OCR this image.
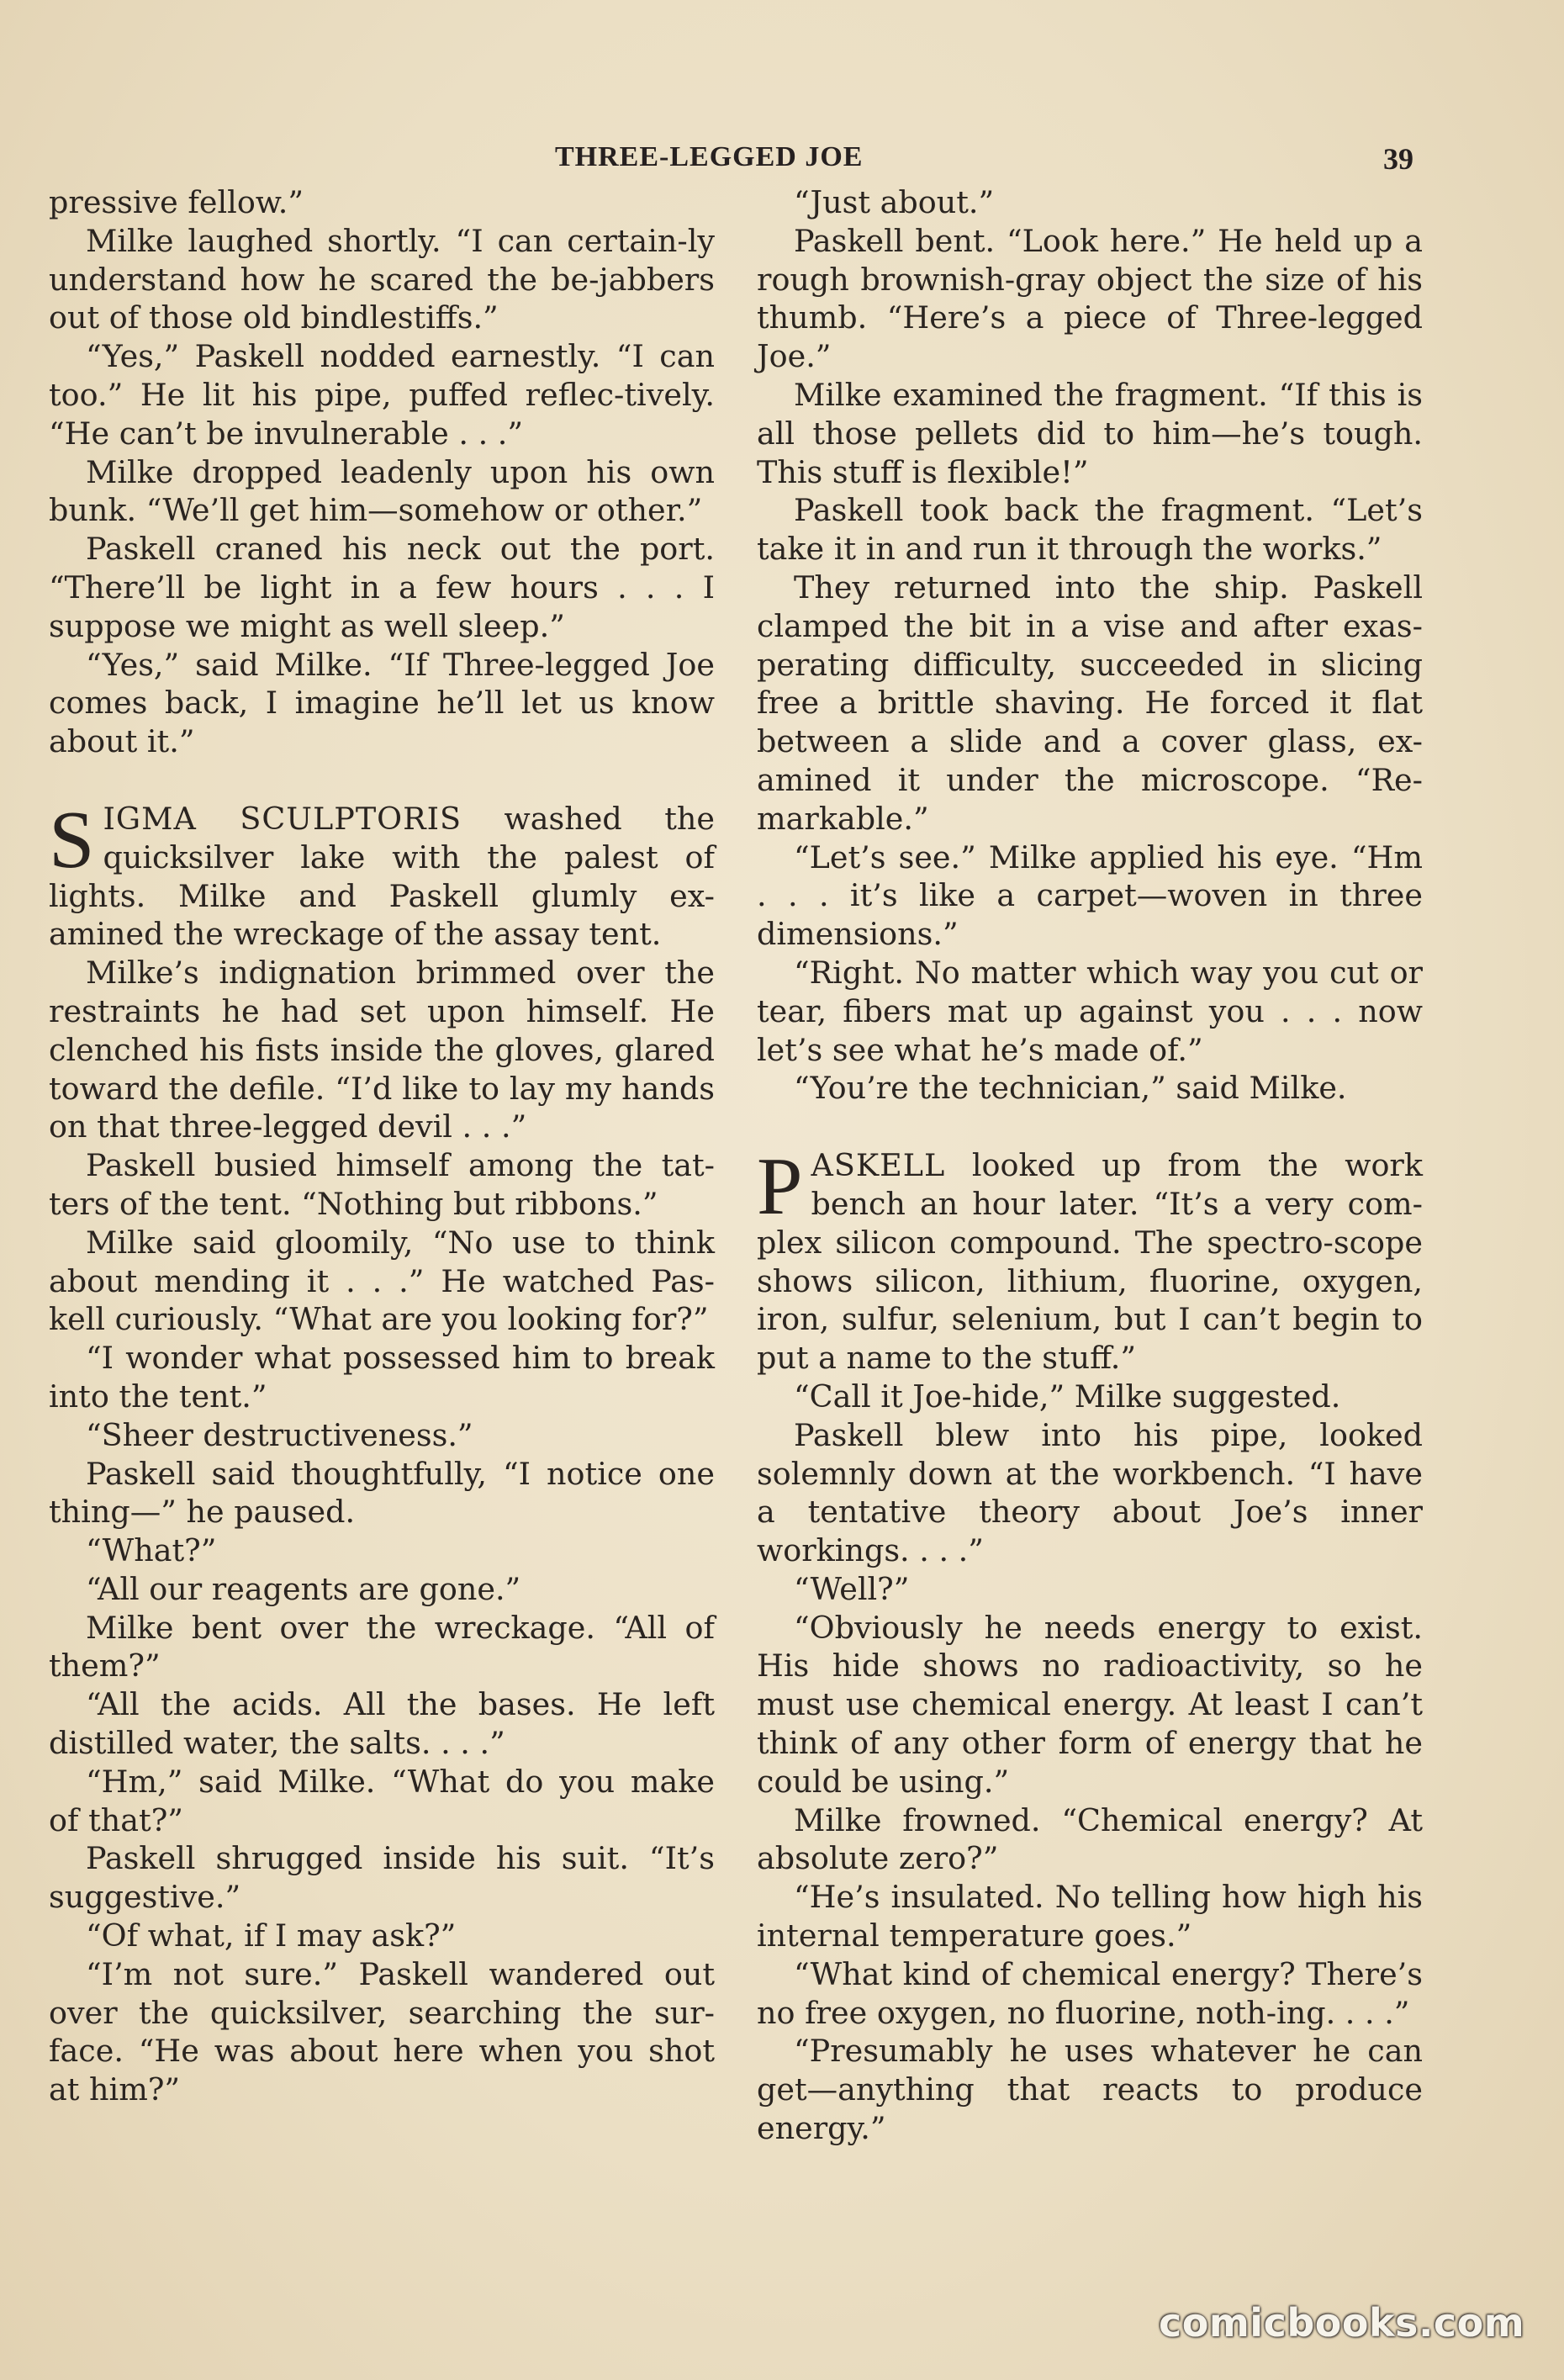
THREE-LEGGED JOE	39

pressive fellow.”

Milke laughed shortly. “I can certain-ly understand how he scared the be-jabbers out of those old bindlestiffs.”

“Yes,” Paskell nodded earnestly. “I can too.” He lit his pipe, puffed reflec-tively. “He can’t be invulnerable . . .”

Milke dropped leadenly upon his own bunk. “We’ll get him—somehow or other.”

Paskell craned his neck out the port. “There’ll be light in a few hours . . . I suppose we might as well sleep.”

“Yes,” said Milke. “If Three-legged Joe comes back, I imagine he’ll let us know about it.”

SIGMA SCULPTORIS washed the quicksilver lake with the palest of lights. Milke and Paskell glumly ex-amined the wreckage of the assay tent.

Milke’s indignation brimmed over the restraints he had set upon himself. He clenched his fists inside the gloves, glared toward the defile. “I’d like to lay my hands on that three-legged devil . . .”

Paskell busied himself among the tat-ters of the tent. “Nothing but ribbons.”

Milke said gloomily, “No use to think about mending it . . .” He watched Pas-kell curiously. “What are you looking for?”

“I wonder what possessed him to break into the tent.”

“Sheer destructiveness.”

Paskell said thoughtfully, “I notice one thing—” he paused.

“What?”

“All our reagents are gone.”

Milke bent over the wreckage. “All of them?”

“All the acids. All the bases. He left distilled water, the salts. . . .”

“Hm,” said Milke. “What do you make of that?”

Paskell shrugged inside his suit. “It’s suggestive.”

“Of what, if I may ask?”

“I’m not sure.” Paskell wandered out over the quicksilver, searching the sur-face. “He was about here when you shot at him?”

“Just about.”

Paskell bent. “Look here.” He held up a rough brownish-gray object the size of his thumb. “Here’s a piece of Three-legged Joe.”

Milke examined the fragment. “If this is all those pellets did to him—he’s tough. This stuff is flexible!”

Paskell took back the fragment. “Let’s take it in and run it through the works.”

They returned into the ship. Paskell clamped the bit in a vise and after exas-perating difficulty, succeeded in slicing free a brittle shaving. He forced it flat between a slide and a cover glass, ex-amined it under the microscope. “Re-markable.”

“Let’s see.” Milke applied his eye. “Hm . . . it’s like a carpet—woven in three dimensions.”

“Right. No matter which way you cut or tear, fibers mat up against you . . . now let’s see what he’s made of.”

“You’re the technician,” said Milke.

PASKELL looked up from the work bench an hour later. “It’s a very com-plex silicon compound. The spectro-scope shows silicon, lithium, fluorine, oxygen, iron, sulfur, selenium, but I can’t begin to put a name to the stuff.”

“Call it Joe-hide,” Milke suggested.

Paskell blew into his pipe, looked solemnly down at the workbench. “I have a tentative theory about Joe’s inner workings. . . .”

“Well?”

“Obviously he needs energy to exist. His hide shows no radioactivity, so he must use chemical energy. At least I can’t think of any other form of energy that he could be using.”

Milke frowned. “Chemical energy? At absolute zero?”

“He’s insulated. No telling how high his internal temperature goes.”

“What kind of chemical energy? There’s no free oxygen, no fluorine, noth-ing. . . .”

“Presumably he uses whatever he can get—anything that reacts to produce energy.”

comicbooks.com
